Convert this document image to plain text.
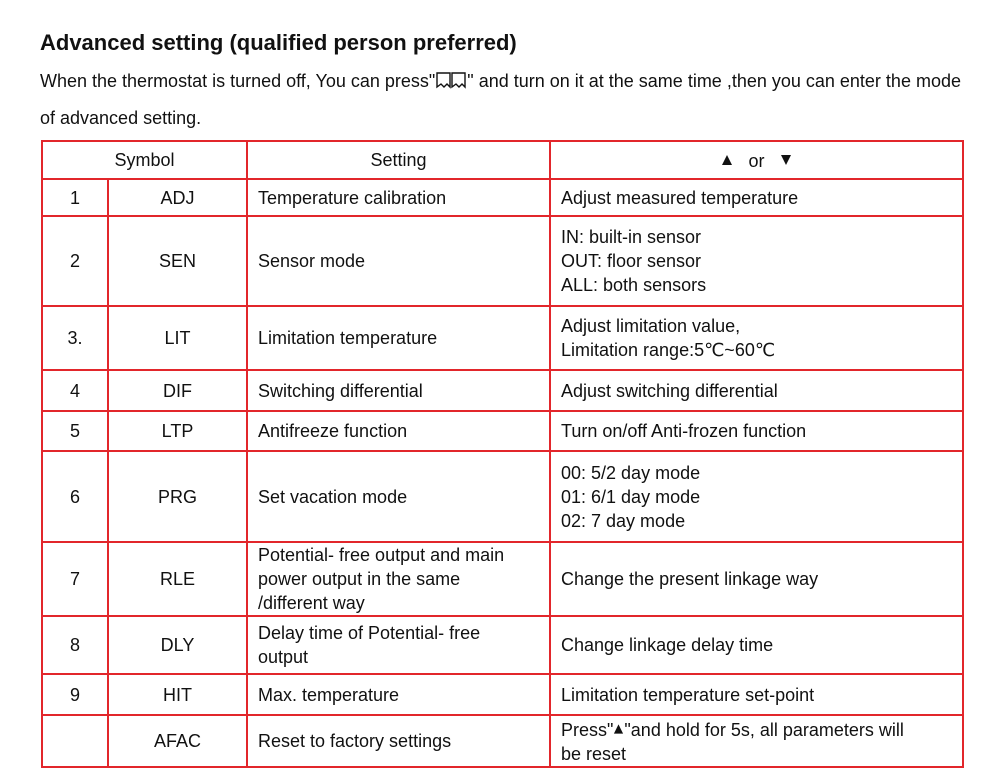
Advanced setting (qualified person preferred)
When the thermostat is turned off, You can press" " and turn on it at the same time ,then you can enter the mode of advanced setting.
Symbol		Setting	or
1	ADJ	Temperature calibration	Adjust measured temperature

2	SEN	Sensor mode	IN: built-in sensor
OUT: floor sensor
ALL: both sensors

3.	LIT	Limitation temperature	Adjust limitation value,
Limitation range:5℃~60℃

4	DIF	Switching differential	Adjust switching differential

5	LTP	Antifreeze function	Turn on/off Anti-frozen function

6	PRG	Set vacation mode	00: 5/2 day mode
01: 6/1 day mode
02: 7 day mode

7	RLE	Potential- free output and main
power output in the same
/different way	Change the present linkage way

8	DLY	Delay time of Potential- free
output	Change linkage delay time

9	HIT	Max. temperature	Limitation temperature set-point

	AFAC	Reset to factory settings	Press" "and hold for 5s, all parameters will
be reset
